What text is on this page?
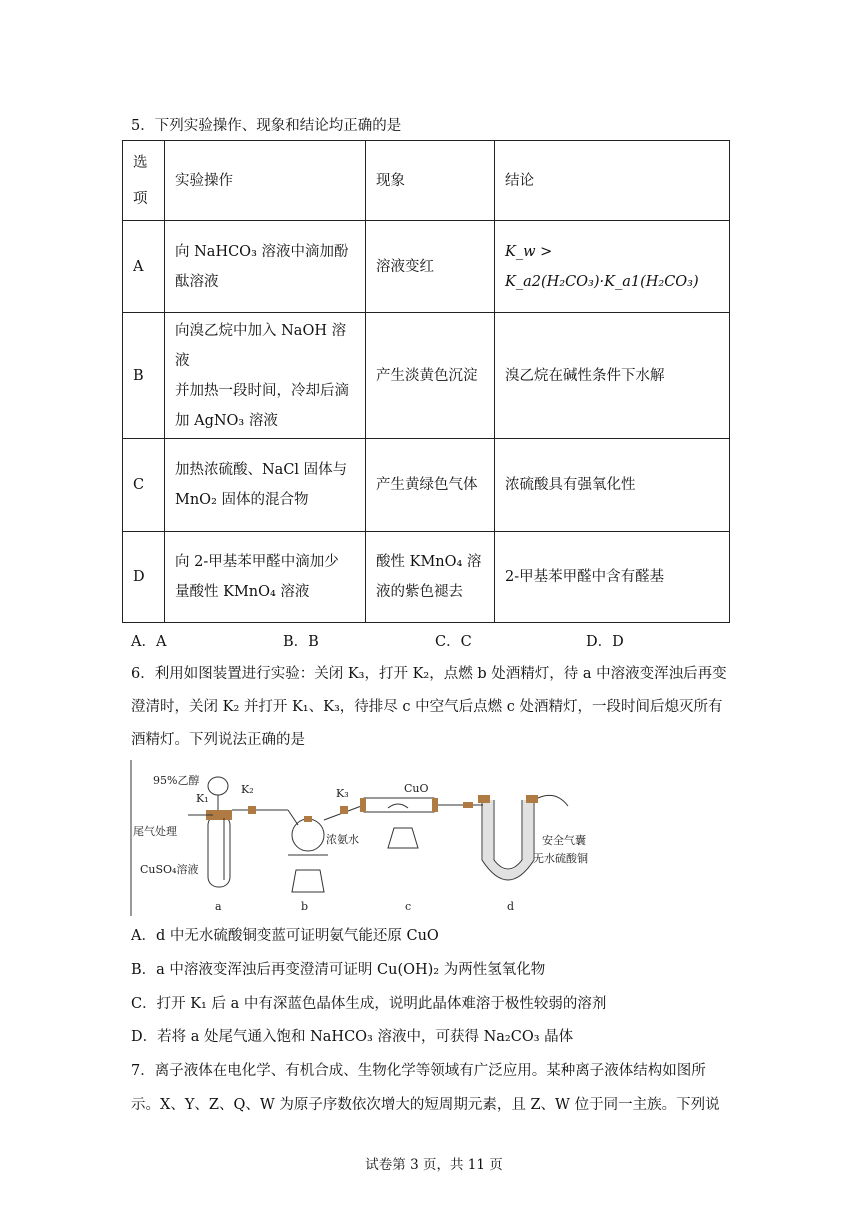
5．下列实验操作、现象和结论均正确的是
选
项	实验操作	现象	结论
A	向 NaHCO₃ 溶液中滴加酚
酞溶液	溶液变红	K_w > K_a2(H₂CO₃)·K_a1(H₂CO₃)
B	向溴乙烷中加入 NaOH 溶液
并加热一段时间，冷却后滴
加 AgNO₃ 溶液	产生淡黄色沉淀	溴乙烷在碱性条件下水解
C	加热浓硫酸、NaCl 固体与
MnO₂ 固体的混合物	产生黄绿色气体	浓硫酸具有强氧化性
D	向 2-甲基苯甲醛中滴加少
量酸性 KMnO₄ 溶液	酸性 KMnO₄ 溶
液的紫色褪去	2-甲基苯甲醛中含有醛基
A．A	B．B	C．C	D．D
6．利用如图装置进行实验：关闭 K₃，打开 K₂，点燃 b 处酒精灯，待 a 中溶液变浑浊后再变
澄清时，关闭 K₂ 并打开 K₁、K₃，待排尽 c 中空气后点燃 c 处酒精灯，一段时间后熄灭所有
酒精灯。下列说法正确的是
95%乙醇
K₁
K₂	K₃
尾气处理
CuSO₄溶液
浓氨水
CuO
安全气囊
无水硫酸铜
a	b	c	d
A．d 中无水硫酸铜变蓝可证明氨气能还原 CuO
B．a 中溶液变浑浊后再变澄清可证明 Cu(OH)₂ 为两性氢氧化物
C．打开 K₁ 后 a 中有深蓝色晶体生成，说明此晶体难溶于极性较弱的溶剂
D．若将 a 处尾气通入饱和 NaHCO₃ 溶液中，可获得 Na₂CO₃ 晶体
7．离子液体在电化学、有机合成、生物化学等领域有广泛应用。某种离子液体结构如图所
示。X、Y、Z、Q、W 为原子序数依次增大的短周期元素，且 Z、W 位于同一主族。下列说
试卷第 3 页，共 11 页
